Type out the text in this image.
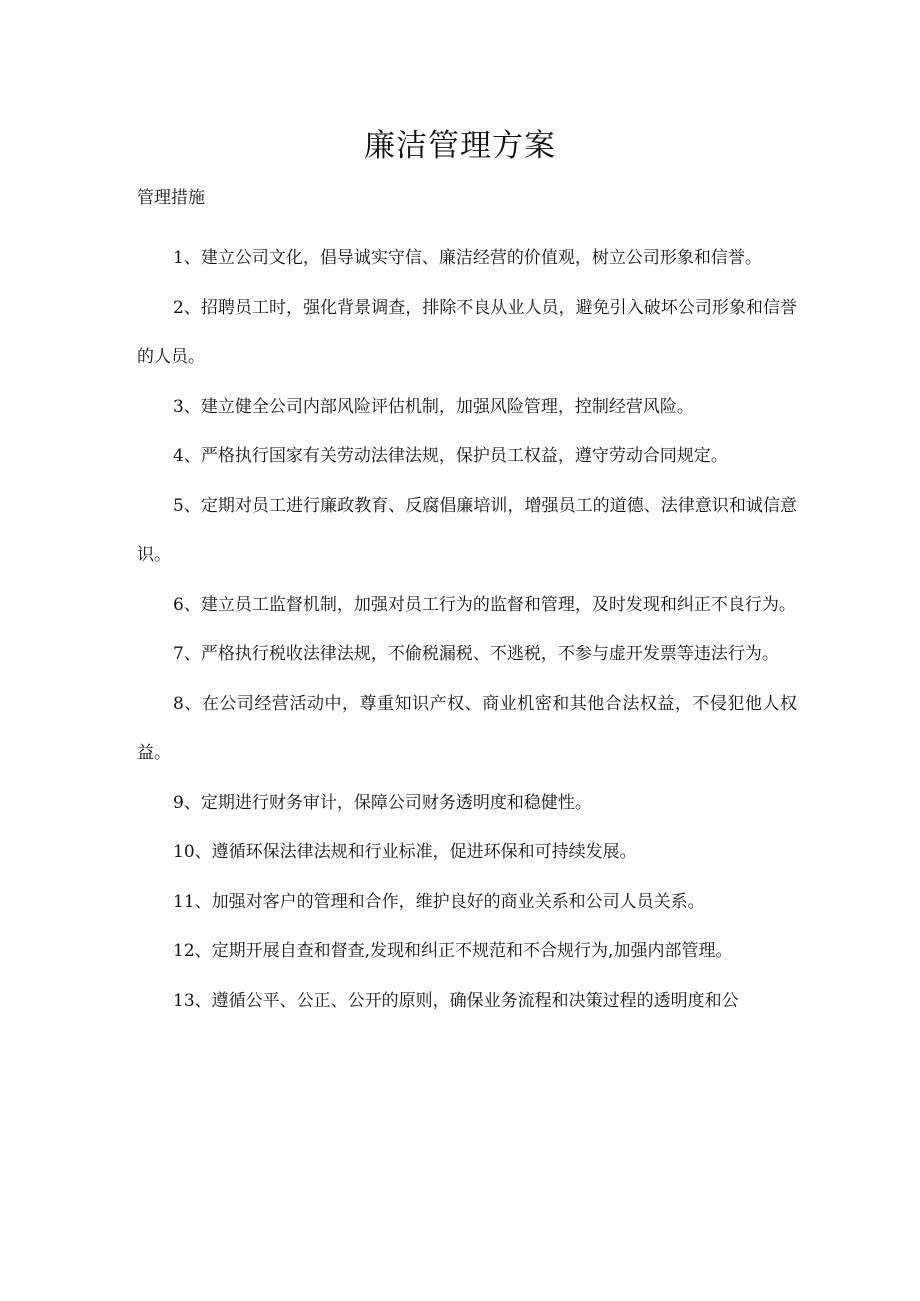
廉洁管理方案
管理措施

1、建立公司文化，倡导诚实守信、廉洁经营的价值观，树立公司形象和信誉。

2、招聘员工时，强化背景调查，排除不良从业人员，避免引入破坏公司形象和信誉的人员。

3、建立健全公司内部风险评估机制，加强风险管理，控制经营风险。

4、严格执行国家有关劳动法律法规，保护员工权益，遵守劳动合同规定。

5、定期对员工进行廉政教育、反腐倡廉培训，增强员工的道德、法律意识和诚信意识。

6、建立员工监督机制，加强对员工行为的监督和管理，及时发现和纠正不良行为。

7、严格执行税收法律法规，不偷税漏税、不逃税，不参与虚开发票等违法行为。

8、在公司经营活动中，尊重知识产权、商业机密和其他合法权益，不侵犯他人权益。

9、定期进行财务审计，保障公司财务透明度和稳健性。

10、遵循环保法律法规和行业标准，促进环保和可持续发展。

11、加强对客户的管理和合作，维护良好的商业关系和公司人员关系。

12、定期开展自查和督查,发现和纠正不规范和不合规行为,加强内部管理。

13、遵循公平、公正、公开的原则，确保业务流程和决策过程的透明度和公
